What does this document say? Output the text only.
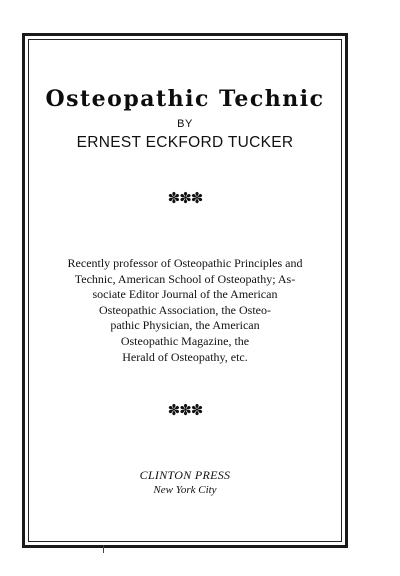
Osteopathic Technic
BY
ERNEST ECKFORD TUCKER
✽✽✽
Recently professor of Osteopathic Principles and
Technic, American School of Osteopathy; As-
sociate Editor Journal of the American
Osteopathic Association, the Osteo-
pathic Physician, the American
Osteopathic Magazine, the
Herald of Osteopathy, etc.
✽✽✽
CLINTON PRESS
New York City
